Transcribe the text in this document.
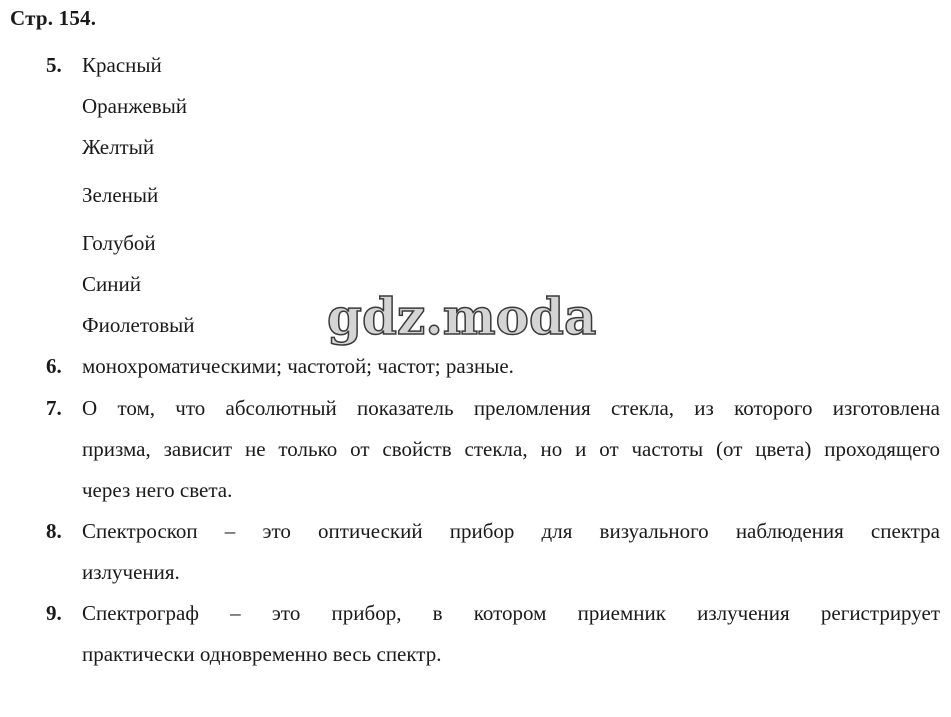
Стр. 154.
5. Красный
Оранжевый
Желтый
Зеленый
Голубой
Синий
Фиолетовый	gdz.moda
6. монохроматическими; частотой; частот; разные.
7. О том, что абсолютный показатель преломления стекла, из которого изготовлена
призма, зависит не только от свойств стекла, но и от частоты (от цвета) проходящего
через него света.
8. Спектроскоп – это оптический прибор для визуального наблюдения спектра
излучения.
9. Спектрограф – это прибор, в котором приемник излучения регистрирует
практически одновременно весь спектр.
